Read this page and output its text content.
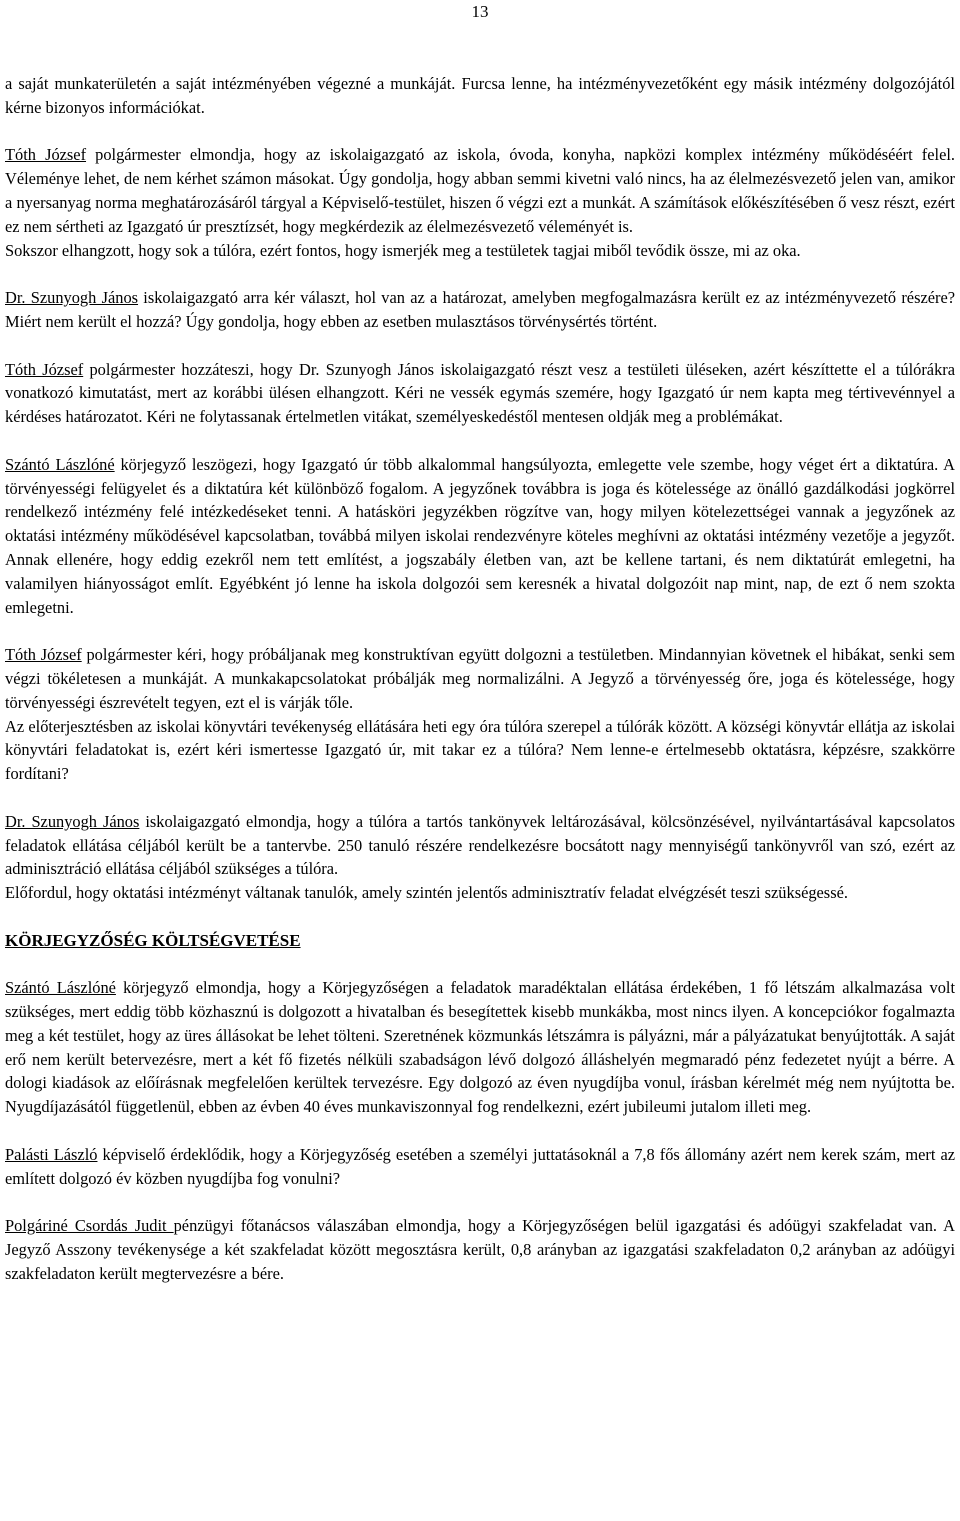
13

a saját munkaterületén a saját intézményében végezné a munkáját. Furcsa lenne, ha intézményvezetőként egy másik intézmény dolgozójától kérne bizonyos információkat.

Tóth József polgármester elmondja, hogy az iskolaigazgató az iskola, óvoda, konyha, napközi komplex intézmény működéséért felel. Véleménye lehet, de nem kérhet számon másokat. Úgy gondolja, hogy abban semmi kivetni való nincs, ha az élelmezésvezető jelen van, amikor a nyersanyag norma meghatározásáról tárgyal a Képviselő-testület, hiszen ő végzi ezt a munkát. A számítások előkészítésében ő vesz részt, ezért ez nem sértheti az Igazgató úr presztízsét, hogy megkérdezik az élelmezésvezető véleményét is.

Sokszor elhangzott, hogy sok a túlóra, ezért fontos, hogy ismerjék meg a testületek tagjai miből tevődik össze, mi az oka.

Dr. Szunyogh János iskolaigazgató arra kér választ, hol van az a határozat, amelyben megfogalmazásra került ez az intézményvezető részére? Miért nem került el hozzá? Úgy gondolja, hogy ebben az esetben mulasztásos törvénysértés történt.

Tóth József polgármester hozzáteszi, hogy Dr. Szunyogh János iskolaigazgató részt vesz a testületi üléseken, azért készíttette el a túlórákra vonatkozó kimutatást, mert az korábbi ülésen elhangzott. Kéri ne vessék egymás szemére, hogy Igazgató úr nem kapta meg tértivevénnyel a kérdéses határozatot. Kéri ne folytassanak értelmetlen vitákat, személyeskedéstől mentesen oldják meg a problémákat.

Szántó Lászlóné körjegyző leszögezi, hogy Igazgató úr több alkalommal hangsúlyozta, emlegette vele szembe, hogy véget ért a diktatúra. A törvényességi felügyelet és a diktatúra két különböző fogalom. A jegyzőnek továbbra is joga és kötelessége az önálló gazdálkodási jogkörrel rendelkező intézmény felé intézkedéseket tenni. A hatásköri jegyzékben rögzítve van, hogy milyen kötelezettségei vannak a jegyzőnek az oktatási intézmény működésével kapcsolatban, továbbá milyen iskolai rendezvényre köteles meghívni az oktatási intézmény vezetője a jegyzőt. Annak ellenére, hogy eddig ezekről nem tett említést, a jogszabály életben van, azt be kellene tartani, és nem diktatúrát emlegetni, ha valamilyen hiányosságot említ. Egyébként jó lenne ha iskola dolgozói sem keresnék a hivatal dolgozóit nap mint, nap, de ezt ő nem szokta emlegetni.

Tóth József polgármester kéri, hogy próbáljanak meg konstruktívan együtt dolgozni a testületben. Mindannyian követnek el hibákat, senki sem végzi tökéletesen a munkáját. A munkakapcsolatokat próbálják meg normalizálni. A Jegyző a törvényesség őre, joga és kötelessége, hogy törvényességi észrevételt tegyen, ezt el is várják tőle.

Az előterjesztésben az iskolai könyvtári tevékenység ellátására heti egy óra túlóra szerepel a túlórák között. A községi könyvtár ellátja az iskolai könyvtári feladatokat is, ezért kéri ismertesse Igazgató úr, mit takar ez a túlóra? Nem lenne-e értelmesebb oktatásra, képzésre, szakkörre fordítani?

Dr. Szunyogh János iskolaigazgató elmondja, hogy a túlóra a tartós tankönyvek leltározásával, kölcsönzésével, nyilvántartásával kapcsolatos feladatok ellátása céljából került be a tantervbe. 250 tanuló részére rendelkezésre bocsátott nagy mennyiségű tankönyvről van szó, ezért az adminisztráció ellátása céljából szükséges a túlóra.

Előfordul, hogy oktatási intézményt váltanak tanulók, amely szintén jelentős adminisztratív feladat elvégzését teszi szükségessé.

KÖRJEGYZŐSÉG KÖLTSÉGVETÉSE

Szántó Lászlóné körjegyző elmondja, hogy a Körjegyzőségen a feladatok maradéktalan ellátása érdekében, 1 fő létszám alkalmazása volt szükséges, mert eddig több közhasznú is dolgozott a hivatalban és besegítettek kisebb munkákba, most nincs ilyen. A koncepciókor fogalmazta meg a két testület, hogy az üres állásokat be lehet tölteni. Szeretnének közmunkás létszámra is pályázni, már a pályázatukat benyújtották. A saját erő nem került betervezésre, mert a két fő fizetés nélküli szabadságon lévő dolgozó álláshelyén megmaradó pénz fedezetet nyújt a bérre. A dologi kiadások az előírásnak megfelelően kerültek tervezésre. Egy dolgozó az éven nyugdíjba vonul, írásban kérelmét még nem nyújtotta be. Nyugdíjazásától függetlenül, ebben az évben 40 éves munkaviszonnyal fog rendelkezni, ezért jubileumi jutalom illeti meg.

Palásti László képviselő érdeklődik, hogy a Körjegyzőség esetében a személyi juttatásoknál a 7,8 fős állomány azért nem kerek szám, mert az említett dolgozó év közben nyugdíjba fog vonulni?

Polgáriné Csordás Judit pénzügyi főtanácsos válaszában elmondja, hogy a Körjegyzőségen belül igazgatási és adóügyi szakfeladat van. A Jegyző Asszony tevékenysége a két szakfeladat között megosztásra került, 0,8 arányban az igazgatási szakfeladaton 0,2 arányban az adóügyi szakfeladaton került megtervezésre a bére.
